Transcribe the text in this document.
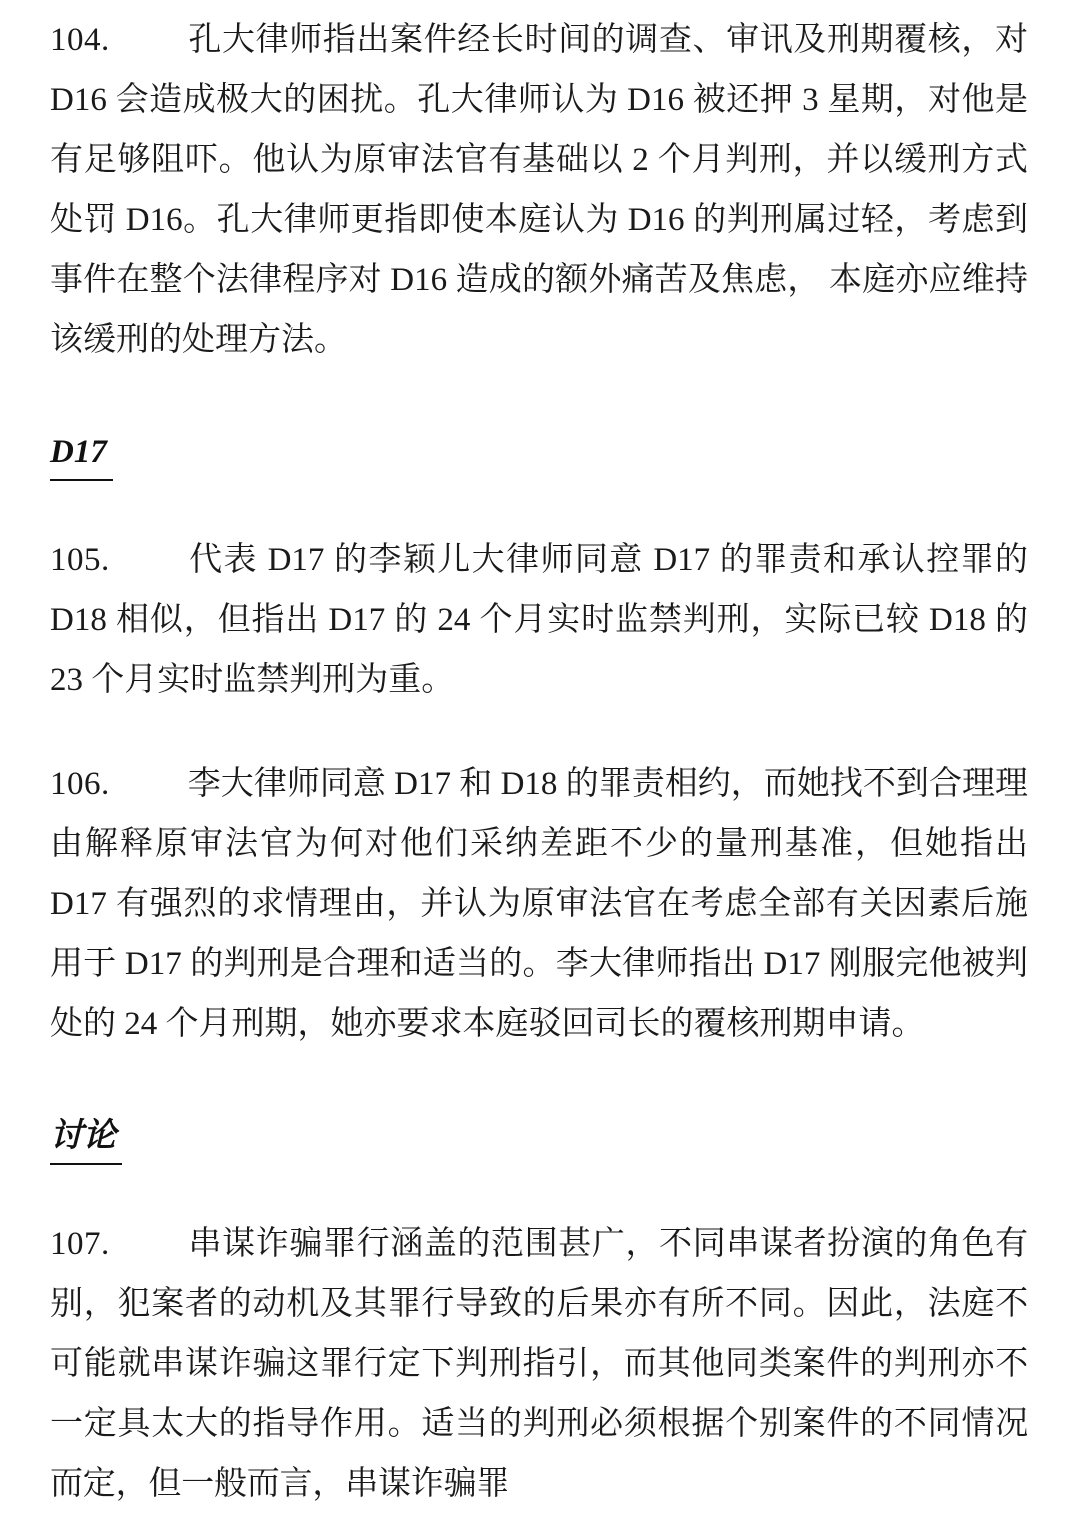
104. 孔大律师指出案件经长时间的调查、审讯及刑期覆核，对 D16 会造成极大的困扰。孔大律师认为 D16 被还押 3 星期，对他是有足够阻吓。他认为原审法官有基础以 2 个月判刑，并以缓刑方式处罚 D16。孔大律师更指即使本庭认为 D16 的判刑属过轻，考虑到事件在整个法律程序对 D16 造成的额外痛苦及焦虑， 本庭亦应维持该缓刑的处理方法。

D17

105. 代表 D17 的李颖儿大律师同意 D17 的罪责和承认控罪的 D18 相似，但指出 D17 的 24 个月实时监禁判刑，实际已较 D18 的 23 个月实时监禁判刑为重。

106. 李大律师同意 D17 和 D18 的罪责相约，而她找不到合理理由解释原审法官为何对他们采纳差距不少的量刑基准，但她指出 D17 有强烈的求情理由，并认为原审法官在考虑全部有关因素后施用于 D17 的判刑是合理和适当的。李大律师指出 D17 刚服完他被判处的 24 个月刑期，她亦要求本庭驳回司长的覆核刑期申请。

讨论

107. 串谋诈骗罪行涵盖的范围甚广，不同串谋者扮演的角色有别，犯案者的动机及其罪行导致的后果亦有所不同。因此，法庭不可能就串谋诈骗这罪行定下判刑指引，而其他同类案件的判刑亦不一定具太大的指导作用。适当的判刑必须根据个别案件的不同情况而定，但一般而言，串谋诈骗罪
